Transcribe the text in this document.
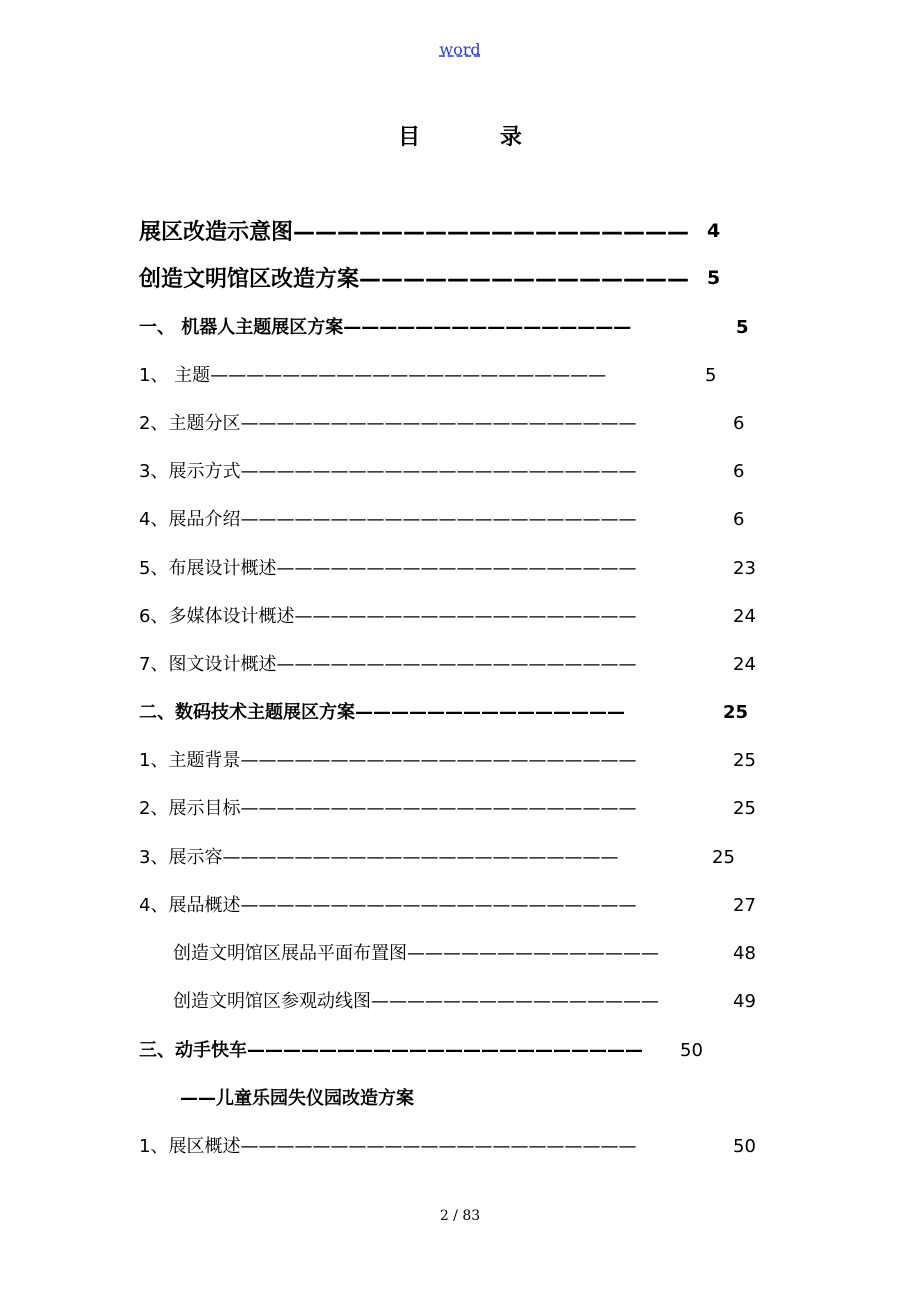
word
目 录
展区改造示意图—————————————————— 4
创造文明馆区改造方案——————————————— 5
一、 机器人主题展区方案————————————————	5
1、 主题——————————————————————	5
2、主题分区——————————————————————	6
3、展示方式——————————————————————	6
4、展品介绍——————————————————————	6
5、布展设计概述————————————————————	23
6、多媒体设计概述———————————————————	24
7、图文设计概述————————————————————	24
二、数码技术主题展区方案———————————————	25
1、主题背景——————————————————————	25
2、展示目标——————————————————————	25
3、展示容——————————————————————	25
4、展品概述——————————————————————	27
创造文明馆区展品平面布置图——————————————	48
创造文明馆区参观动线图————————————————	49
三、动手快车—————————————————————— 50
——儿童乐园失仪园改造方案
1、展区概述——————————————————————	50
2 / 83
